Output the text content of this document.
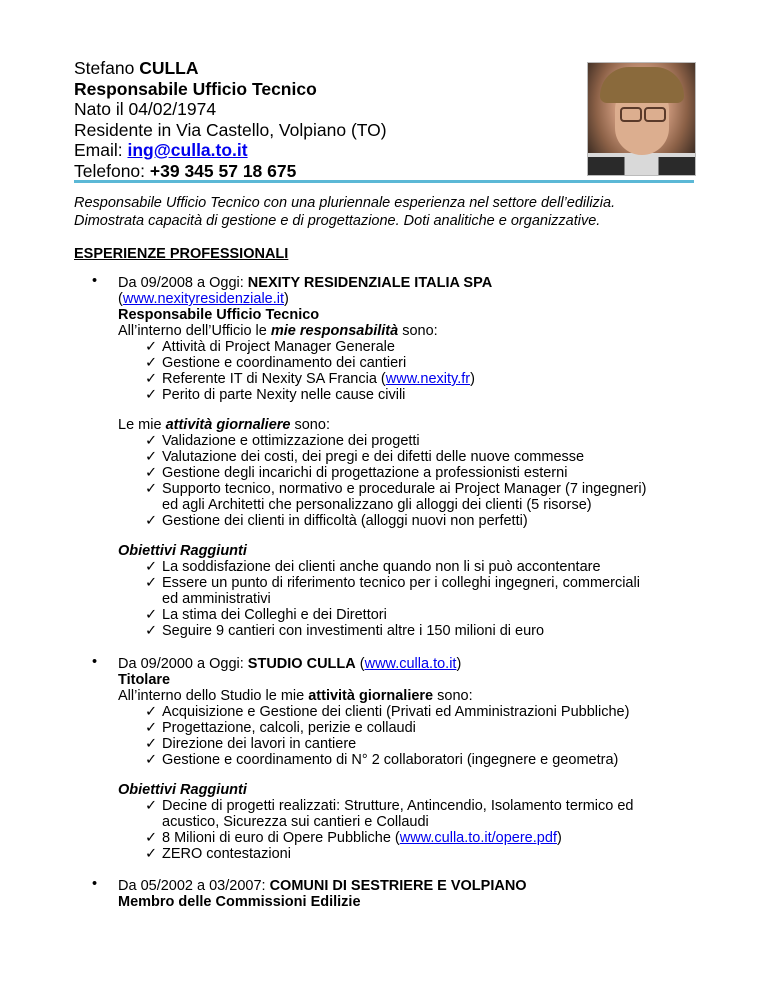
Stefano CULLA
Responsabile Ufficio Tecnico
Nato il 04/02/1974
Residente in Via Castello, Volpiano (TO)
Email: ing@culla.to.it
Telefono: +39 345 57 18 675
Responsabile Ufficio Tecnico con una pluriennale esperienza nel settore dell’edilizia.
Dimostrata capacità di gestione e di progettazione. Doti analitiche e organizzative.
ESPERIENZE PROFESSIONALI
• Da 09/2008 a Oggi: NEXITY RESIDENZIALE ITALIA SPA
(www.nexityresidenziale.it)
Responsabile Ufficio Tecnico
All’interno dell’Ufficio le mie responsabilità sono:
✓ Attività di Project Manager Generale
✓ Gestione e coordinamento dei cantieri
✓ Referente IT di Nexity SA Francia (www.nexity.fr)
✓ Perito di parte Nexity nelle cause civili
Le mie attività giornaliere sono:
✓ Validazione e ottimizzazione dei progetti
✓ Valutazione dei costi, dei pregi e dei difetti delle nuove commesse
✓ Gestione degli incarichi di progettazione a professionisti esterni
✓ Supporto tecnico, normativo e procedurale ai Project Manager (7 ingegneri)
ed agli Architetti che personalizzano gli alloggi dei clienti (5 risorse)
✓ Gestione dei clienti in difficoltà (alloggi nuovi non perfetti)
Obiettivi Raggiunti
✓ La soddisfazione dei clienti anche quando non li si può accontentare
✓ Essere un punto di riferimento tecnico per i colleghi ingegneri, commerciali
ed amministrativi
✓ La stima dei Colleghi e dei Direttori
✓ Seguire 9 cantieri con investimenti altre i 150 milioni di euro
• Da 09/2000 a Oggi: STUDIO CULLA (www.culla.to.it)
Titolare
All’interno dello Studio le mie attività giornaliere sono:
✓ Acquisizione e Gestione dei clienti (Privati ed Amministrazioni Pubbliche)
✓ Progettazione, calcoli, perizie e collaudi
✓ Direzione dei lavori in cantiere
✓ Gestione e coordinamento di N° 2 collaboratori (ingegnere e geometra)
Obiettivi Raggiunti
✓ Decine di progetti realizzati: Strutture, Antincendio, Isolamento termico ed
acustico, Sicurezza sui cantieri e Collaudi
✓ 8 Milioni di euro di Opere Pubbliche (www.culla.to.it/opere.pdf)
✓ ZERO contestazioni
• Da 05/2002 a 03/2007: COMUNI DI SESTRIERE E VOLPIANO
Membro delle Commissioni Edilizie
